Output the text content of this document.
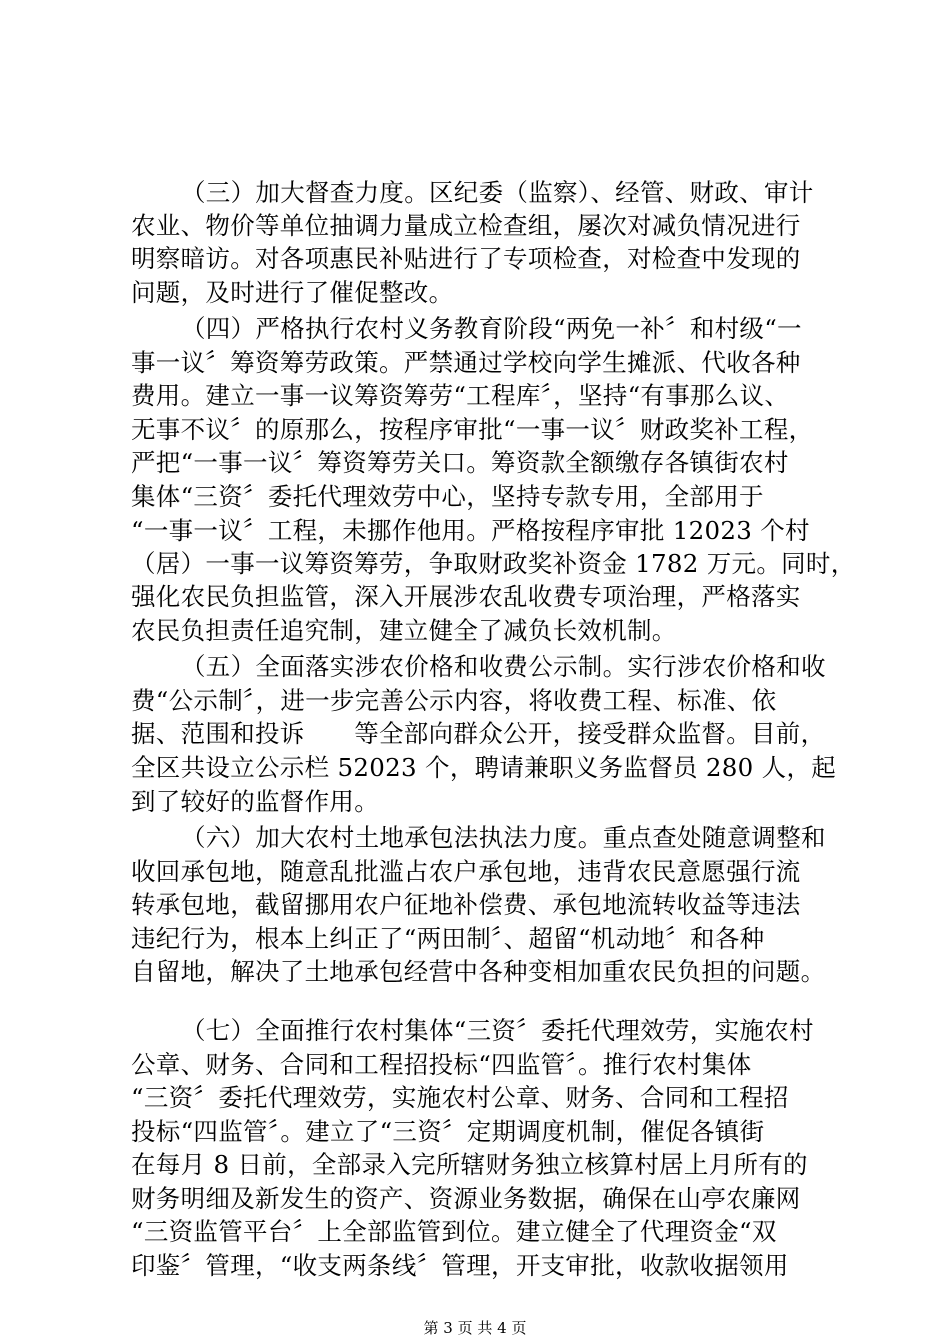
（三）加大督查力度。区纪委（监察）、经管、财政、审计
农业、物价等单位抽调力量成立检查组，屡次对减负情况进行
明察暗访。对各项惠民补贴进行了专项检查，对检查中发现的
问题，及时进行了催促整改。
（四）严格执行农村义务教育阶段“两免一补〞和村级“一
事一议〞筹资筹劳政策。严禁通过学校向学生摊派、代收各种
费用。建立一事一议筹资筹劳“工程库〞，坚持“有事那么议、
无事不议〞的原那么，按程序审批“一事一议〞财政奖补工程，
严把“一事一议〞筹资筹劳关口。筹资款全额缴存各镇街农村
集体“三资〞委托代理效劳中心，坚持专款专用，全部用于
“一事一议〞工程，未挪作他用。严格按程序审批 12023 个村
（居）一事一议筹资筹劳，争取财政奖补资金 1782 万元。同时，
强化农民负担监管，深入开展涉农乱收费专项治理，严格落实
农民负担责任追究制，建立健全了减负长效机制。
（五）全面落实涉农价格和收费公示制。实行涉农价格和收
费“公示制〞，进一步完善公示内容，将收费工程、标准、依
据、范围和投诉　　等全部向群众公开，接受群众监督。目前，
全区共设立公示栏 52023 个，聘请兼职义务监督员 280 人，起
到了较好的监督作用。
（六）加大农村土地承包法执法力度。重点查处随意调整和
收回承包地，随意乱批滥占农户承包地，违背农民意愿强行流
转承包地，截留挪用农户征地补偿费、承包地流转收益等违法
违纪行为，根本上纠正了“两田制〞、超留“机动地〞和各种
自留地，解决了土地承包经营中各种变相加重农民负担的问题。
（七）全面推行农村集体“三资〞委托代理效劳，实施农村
公章、财务、合同和工程招投标“四监管〞。推行农村集体
“三资〞委托代理效劳，实施农村公章、财务、合同和工程招
投标“四监管〞。建立了“三资〞定期调度机制，催促各镇街
在每月 8 日前，全部录入完所辖财务独立核算村居上月所有的
财务明细及新发生的资产、资源业务数据，确保在山亭农廉网
“三资监管平台〞上全部监管到位。建立健全了代理资金“双
印鉴〞管理，“收支两条线〞管理，开支审批，收款收据领用
第 3 页 共 4 页
